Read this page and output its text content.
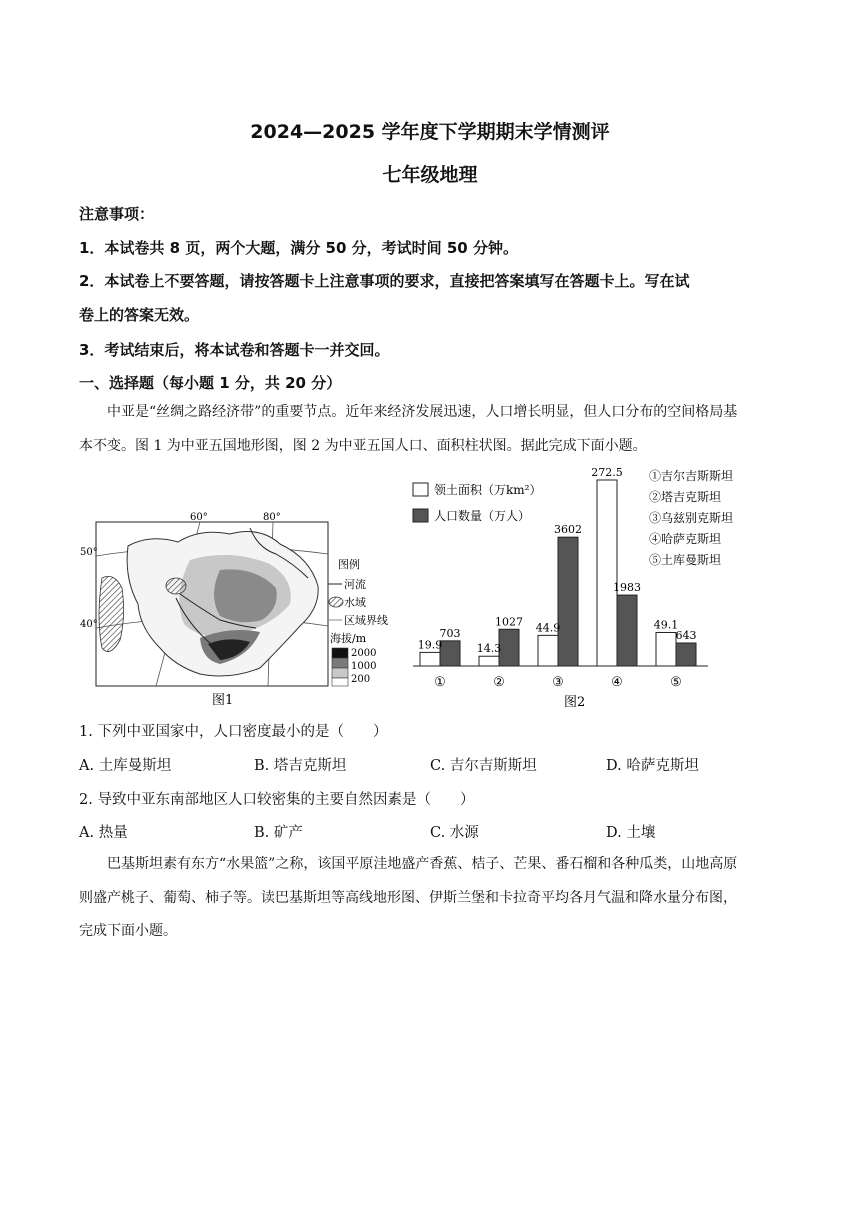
2024—2025 学年度下学期期末学情测评
七年级地理
注意事项：
1．本试卷共 8 页，两个大题，满分 50 分，考试时间 50 分钟。
2．本试卷上不要答题，请按答题卡上注意事项的要求，直接把答案填写在答题卡上。写在试
卷上的答案无效。
3．考试结束后，将本试卷和答题卡一并交回。
一、选择题（每小题 1 分，共 20 分）
中亚是“丝绸之路经济带”的重要节点。近年来经济发展迅速，人口增长明显，但人口分布的空间格局基
本不变。图 1 为中亚五国地形图，图 2 为中亚五国人口、面积柱状图。据此完成下面小题。
60°	80°
50°
40°
图例
河流
水域
区域界线
海拔/m
2000
1000
200
图1
19.9
703
①
14.3
1027
②
44.9
3602
③
272.5
1983
④
49.1
643
⑤
领土面积（万km²）
人口数量（万人）
①吉尔吉斯斯坦
②塔吉克斯坦
③乌兹别克斯坦
④哈萨克斯坦
⑤土库曼斯坦
图2
1. 下列中亚国家中，人口密度最小的是（　　）
A. 土库曼斯坦	B. 塔吉克斯坦	C. 吉尔吉斯斯坦	D. 哈萨克斯坦
2. 导致中亚东南部地区人口较密集的主要自然因素是（　　）
A. 热量	B. 矿产	C. 水源	D. 土壤
巴基斯坦素有东方“水果篮”之称，该国平原洼地盛产香蕉、桔子、芒果、番石榴和各种瓜类，山地高原
则盛产桃子、葡萄、柿子等。读巴基斯坦等高线地形图、伊斯兰堡和卡拉奇平均各月气温和降水量分布图，
完成下面小题。
